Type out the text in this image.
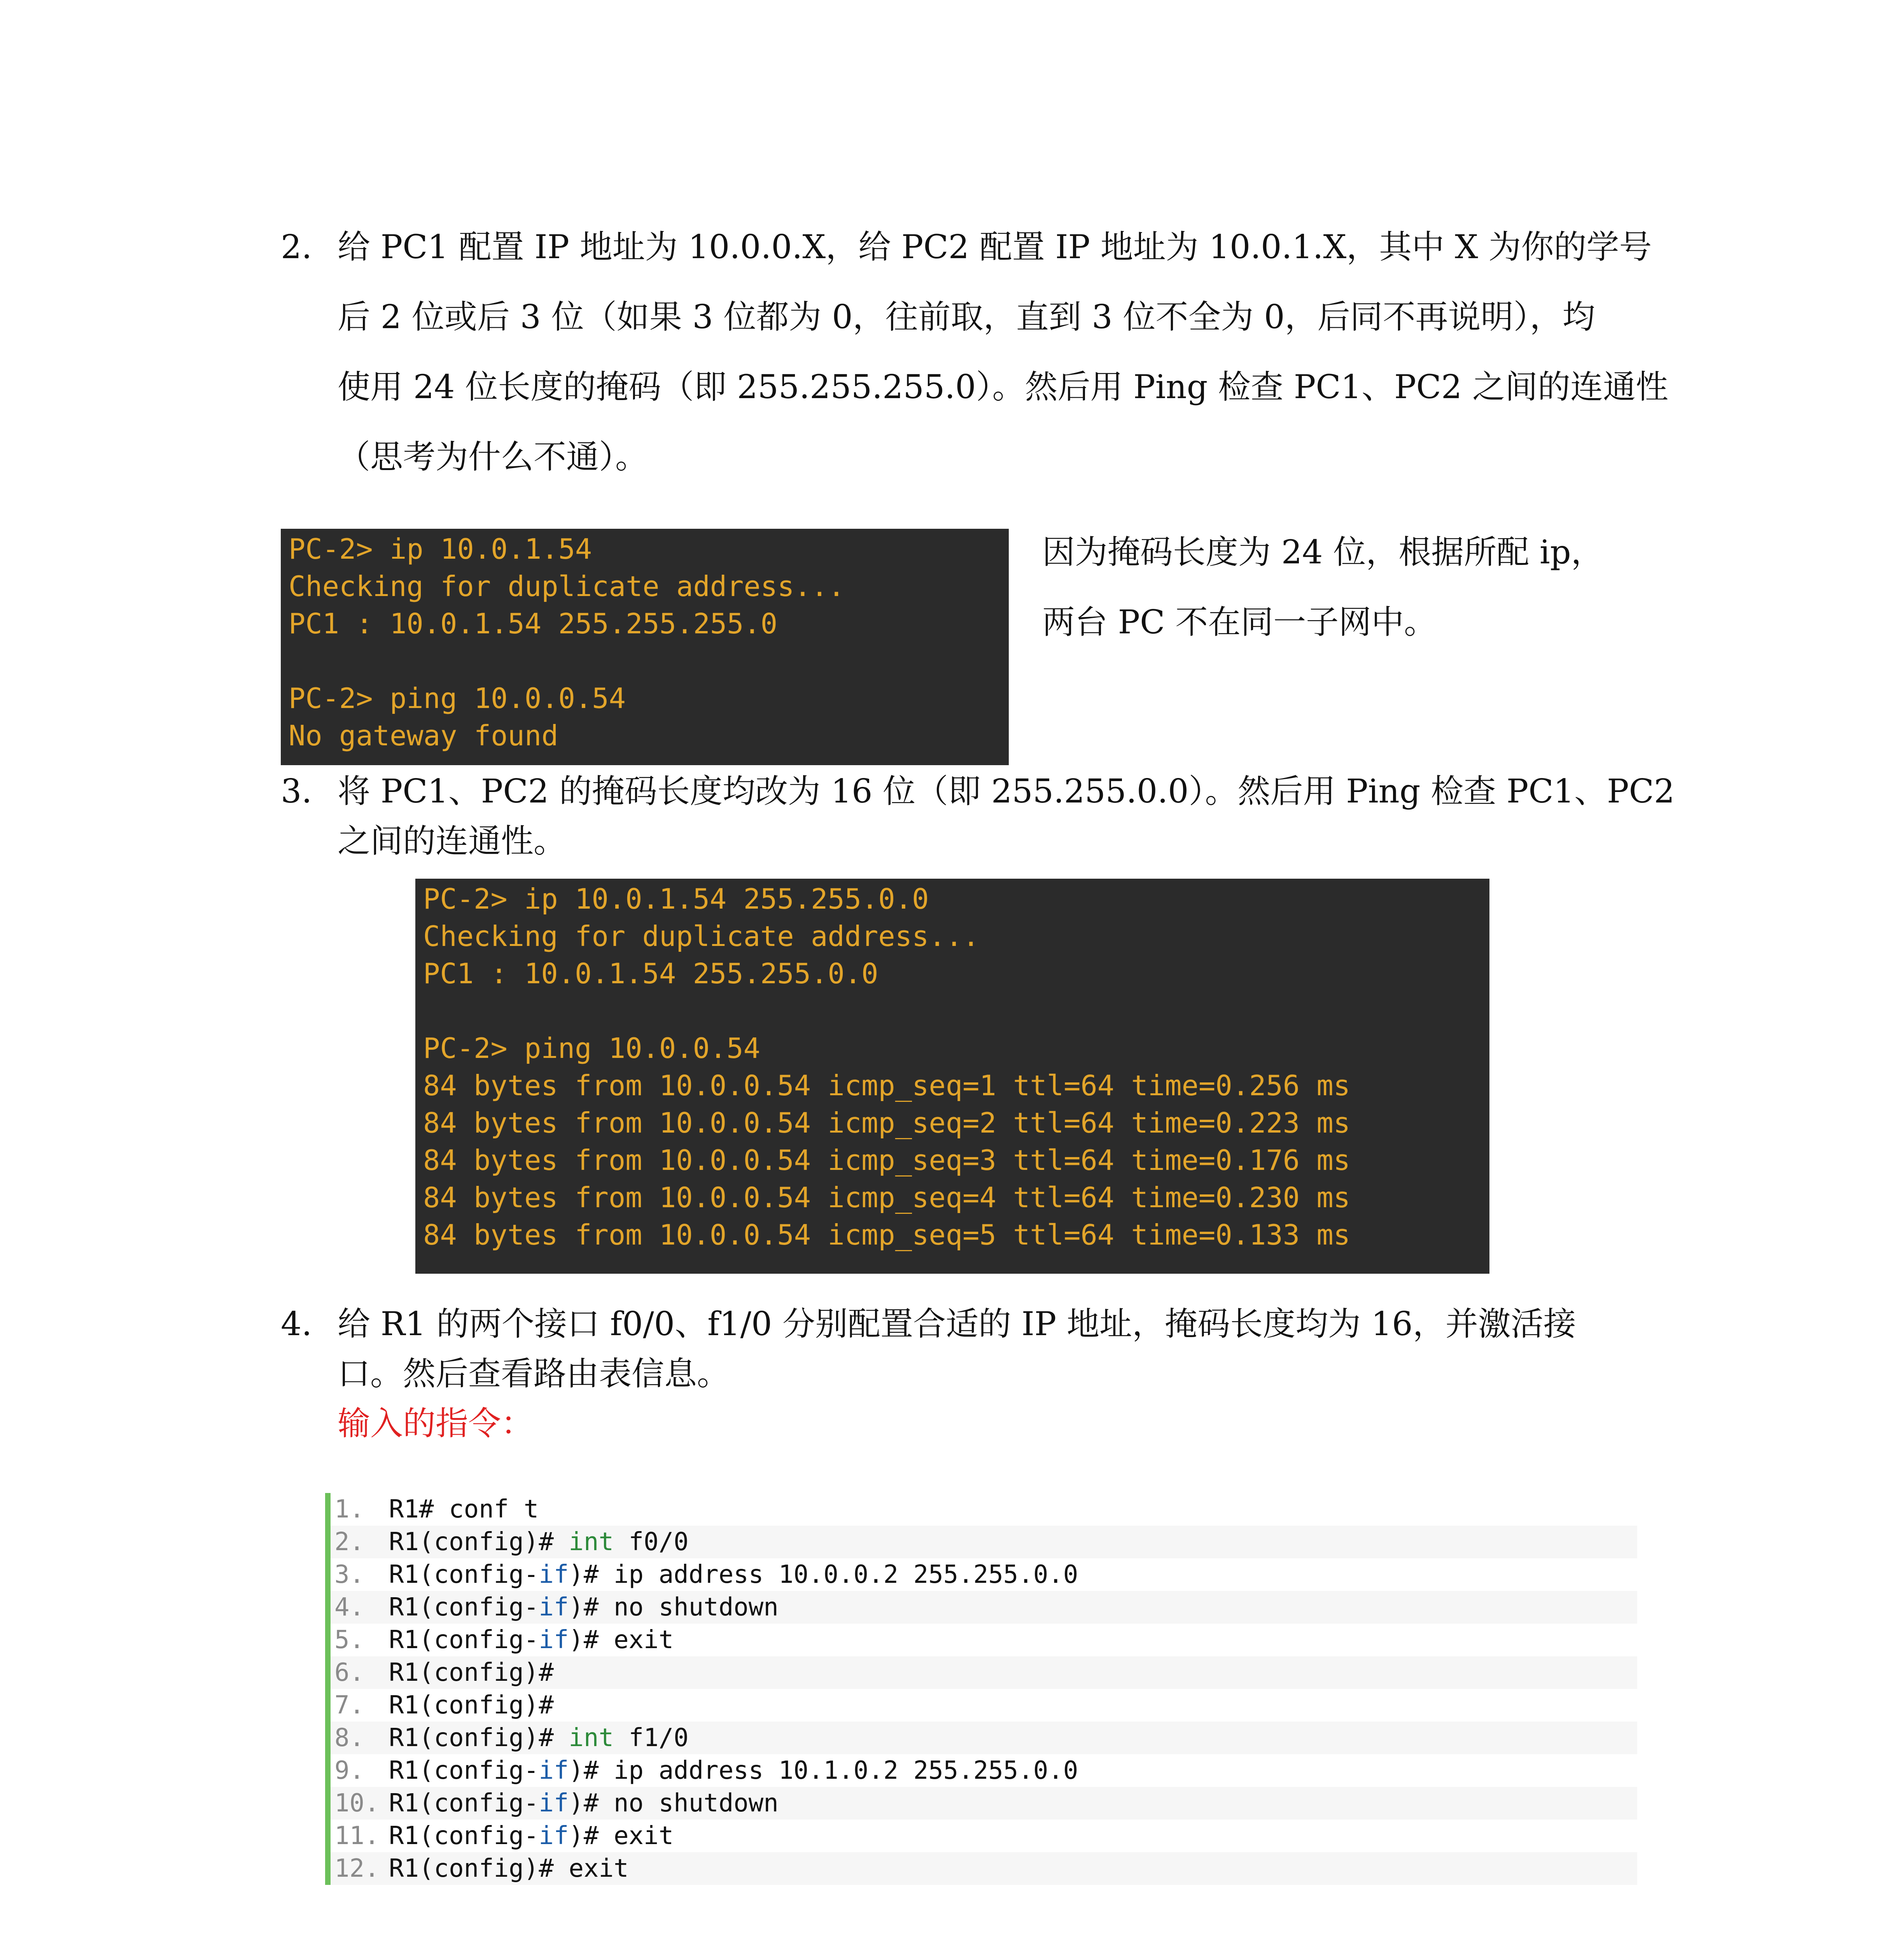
2. 给 PC1 配置 IP 地址为 10.0.0.X，给 PC2 配置 IP 地址为 10.0.1.X，其中 X 为你的学号
后 2 位或后 3 位（如果 3 位都为 0，往前取，直到 3 位不全为 0，后同不再说明），均
使用 24 位长度的掩码（即 255.255.255.0）。然后用 Ping 检查 PC1、PC2 之间的连通性
（思考为什么不通）。
PC-2> ip 10.0.1.54
Checking for duplicate address...
PC1 : 10.0.1.54 255.255.255.0
PC-2> ping 10.0.0.54
No gateway found
因为掩码长度为 24 位，根据所配 ip，
两台 PC 不在同一子网中。
3. 将 PC1、PC2 的掩码长度均改为 16 位（即 255.255.0.0）。然后用 Ping 检查 PC1、PC2
之间的连通性。
PC-2> ip 10.0.1.54 255.255.0.0
Checking for duplicate address...
PC1 : 10.0.1.54 255.255.0.0
PC-2> ping 10.0.0.54
84 bytes from 10.0.0.54 icmp_seq=1 ttl=64 time=0.256 ms
84 bytes from 10.0.0.54 icmp_seq=2 ttl=64 time=0.223 ms
84 bytes from 10.0.0.54 icmp_seq=3 ttl=64 time=0.176 ms
84 bytes from 10.0.0.54 icmp_seq=4 ttl=64 time=0.230 ms
84 bytes from 10.0.0.54 icmp_seq=5 ttl=64 time=0.133 ms
4. 给 R1 的两个接口 f0/0、f1/0 分别配置合适的 IP 地址，掩码长度均为 16，并激活接
口。然后查看路由表信息。
输入的指令：
1. R1# conf t
2. R1(config)# int f0/0
3. R1(config-if)# ip address 10.0.0.2 255.255.0.0
4. R1(config-if)# no shutdown
5. R1(config-if)# exit
6. R1(config)#
7. R1(config)#
8. R1(config)# int f1/0
9. R1(config-if)# ip address 10.1.0.2 255.255.0.0
10. R1(config-if)# no shutdown
11. R1(config-if)# exit
12. R1(config)# exit
